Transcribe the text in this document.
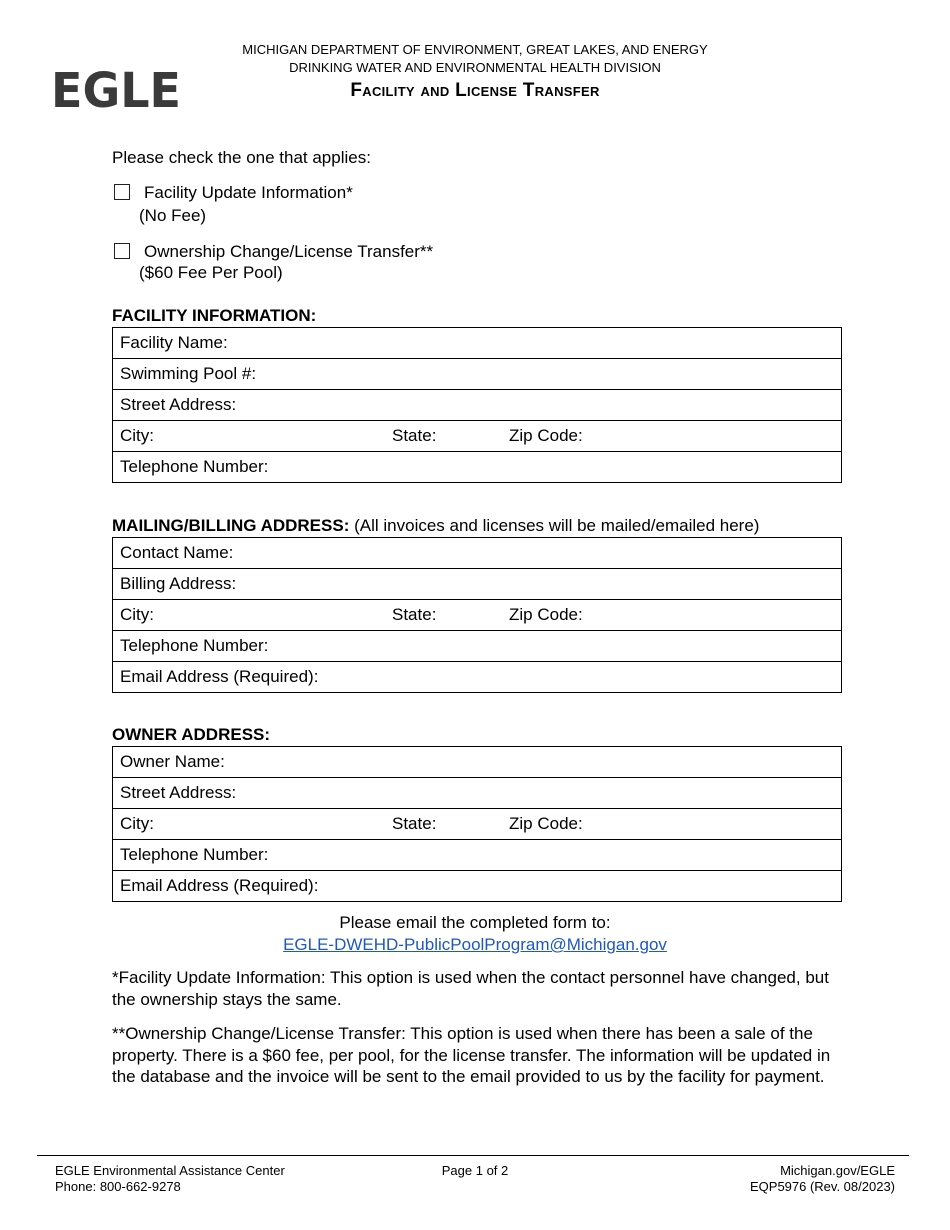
EGLE
MICHIGAN DEPARTMENT OF ENVIRONMENT, GREAT LAKES, AND ENERGY
DRINKING WATER AND ENVIRONMENTAL HEALTH DIVISION
Facility and License Transfer
Please check the one that applies:
Facility Update Information*
(No Fee)
Ownership Change/License Transfer**
($60 Fee Per Pool)
FACILITY INFORMATION:
Facility Name:

Swimming Pool #:

Street Address:

City:	State:	Zip Code:

Telephone Number:
MAILING/BILLING ADDRESS: (All invoices and licenses will be mailed/emailed here)
Contact Name:

Billing Address:

City:	State:	Zip Code:

Telephone Number:

Email Address (Required):
OWNER ADDRESS:
Owner Name:

Street Address:

City:	State:	Zip Code:

Telephone Number:

Email Address (Required):
Please email the completed form to:
EGLE-DWEHD-PublicPoolProgram@Michigan.gov
*Facility Update Information: This option is used when the contact personnel have changed, but the ownership stays the same.
**Ownership Change/License Transfer: This option is used when there has been a sale of the property. There is a $60 fee, per pool, for the license transfer. The information will be updated in the database and the invoice will be sent to the email provided to us by the facility for payment.
EGLE Environmental Assistance Center
Phone: 800-662-9278
Page 1 of 2	Michigan.gov/EGLE
EQP5976 (Rev. 08/2023)
